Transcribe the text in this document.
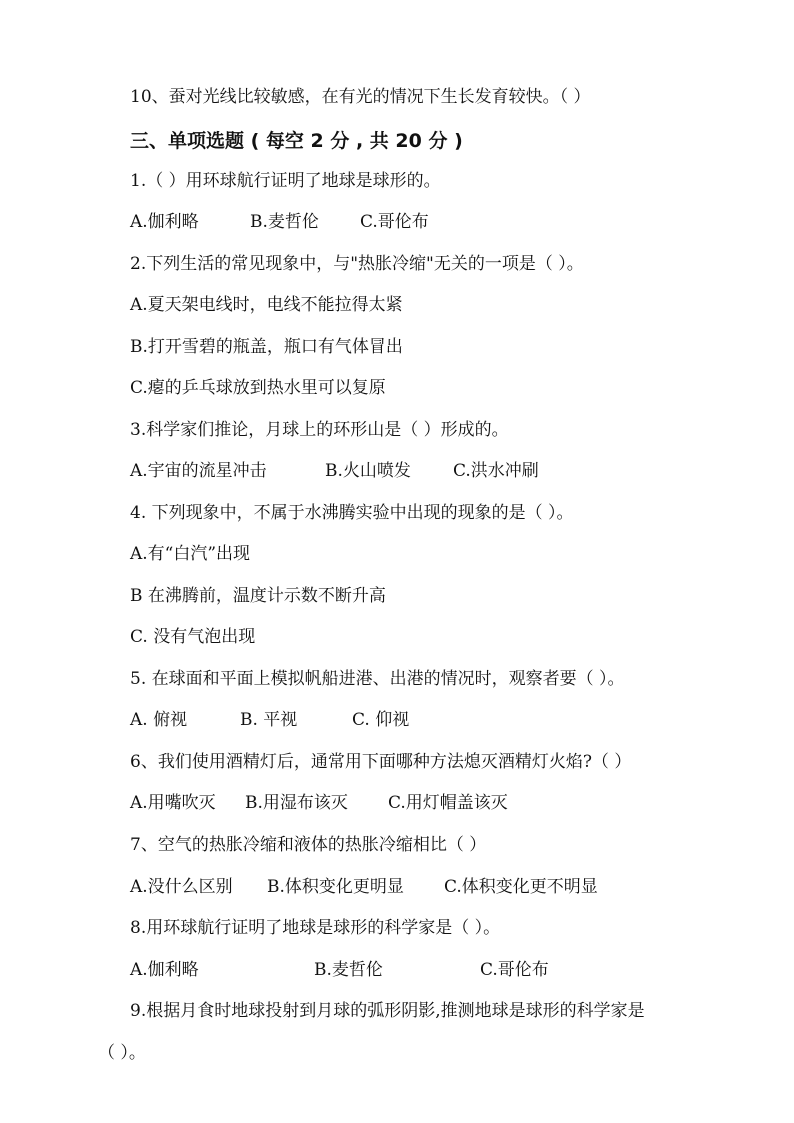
10、蚕对光线比较敏感，在有光的情况下生长发育较快。（ ）
三、单项选题 ( 每空 2 分 , 共 20 分 )
1.（ ）用环球航行证明了地球是球形的。
A.伽利略	B.麦哲伦 C.哥伦布
2.下列生活的常见现象中，与"热胀冷缩"无关的一项是（ ）。
A.夏天架电线时，电线不能拉得太紧
B.打开雪碧的瓶盖，瓶口有气体冒出
C.瘪的乒乓球放到热水里可以复原
3.科学家们推论，月球上的环形山是（ ）形成的。
A.宇宙的流星冲击	B.火山喷发 C.洪水冲刷
4. 下列现象中，不属于水沸腾实验中出现的现象的是（ ）。
A.有“白汽”出现
B 在沸腾前，温度计示数不断升高
C. 没有气泡出现
5. 在球面和平面上模拟帆船进港、出港的情况时，观察者要（ ）。
A. 俯视	B. 平视	C. 仰视
6、我们使用酒精灯后，通常用下面哪种方法熄灭酒精灯火焰?（ ）
A.用嘴吹灭 B.用湿布该灭 C.用灯帽盖该灭
7、空气的热胀冷缩和液体的热胀冷缩相比（ ）
A.没什么区别 B.体积变化更明显 C.体积变化更不明显
8.用环球航行证明了地球是球形的科学家是（ ）。
A.伽利略	B.麦哲伦	C.哥伦布
9.根据月食时地球投射到月球的弧形阴影,推测地球是球形的科学家是
（ ）。
